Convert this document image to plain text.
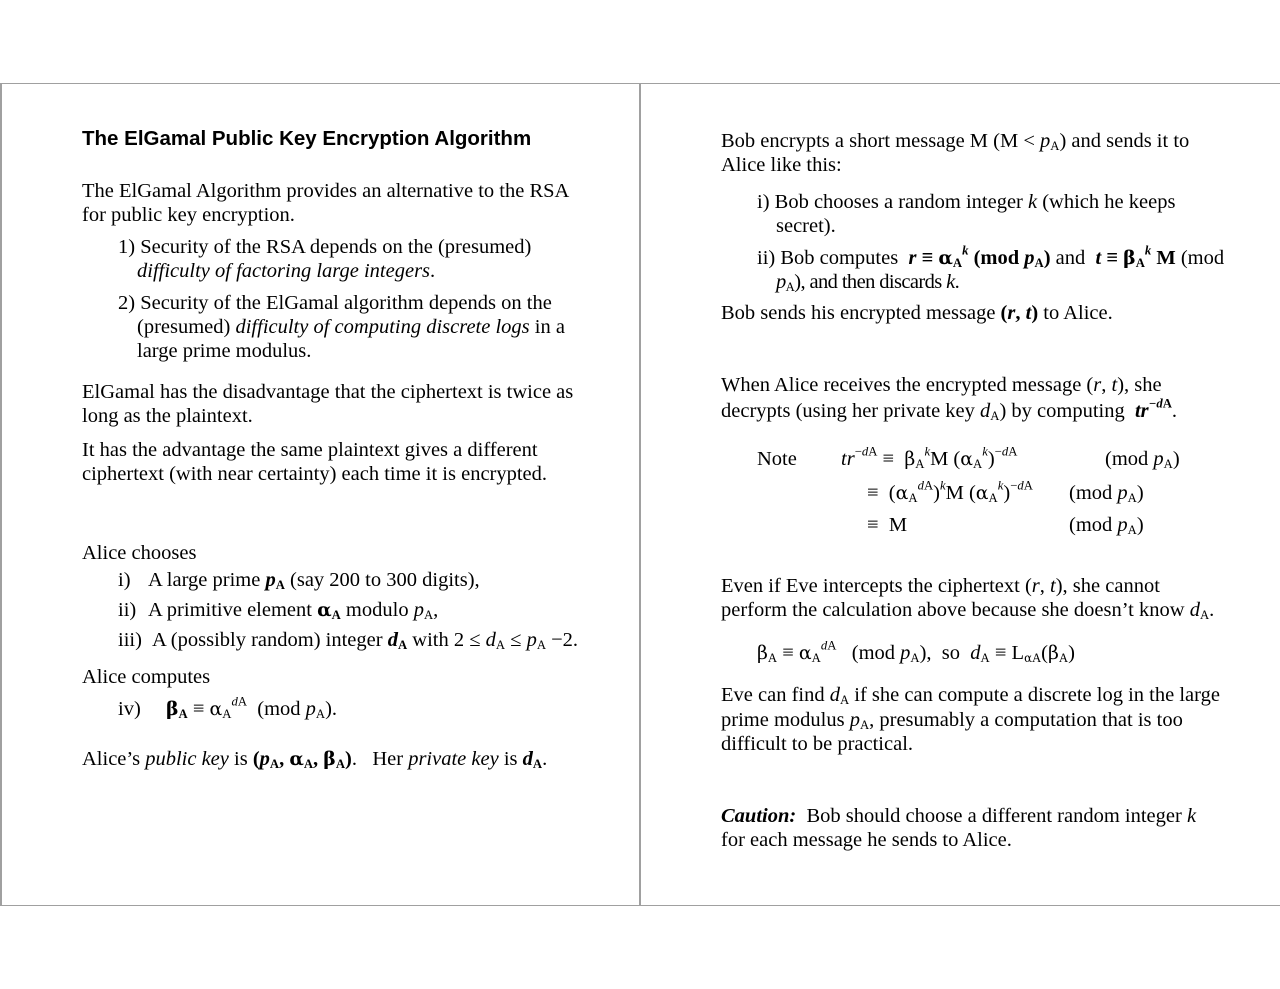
The ElGamal Public Key Encryption Algorithm
The ElGamal Algorithm provides an alternative to the RSA
for public key encryption.
1) Security of the RSA depends on the (presumed)
difficulty of factoring large integers.
2) Security of the ElGamal algorithm depends on the
(presumed) difficulty of computing discrete logs in a
large prime modulus.
ElGamal has the disadvantage that the ciphertext is twice as
long as the plaintext.
It has the advantage the same plaintext gives a different
ciphertext (with near certainty) each time it is encrypted.
Alice chooses
i) A large prime $p_A$ (say 200 to 300 digits),
ii) A primitive element $\alpha_A$ modulo $p_A$,
iii) A (possibly random) integer $d_A$ with $2 \le d_A \le p_A -2$.
Alice computes
iv) $\beta_A \equiv \alpha_A^{dA}$ (mod $p_A$).
Alice’s public key is ($p_A$, $\alpha_A$, $\beta_A$).   Her private key is $d_A$.
Bob encrypts a short message M $(M < p_A)$ and sends it to
Alice like this:
i) Bob chooses a random integer k (which he keeps
secret).
ii) Bob computes  $r \equiv \alpha_A^k$ (mod $p_A$) and  $t \equiv \beta_A^k$ M (mod
$p_A$), and then discards k.
Bob sends his encrypted message (r, t) to Alice.
When Alice receives the encrypted message (r, t), she
decrypts (using her private key $d_A$) by computing  $tr^{-dA}$.
Note $tr^{-dA} \equiv \beta_A^kM$ $(\alpha_A^k)^{-dA}$	(mod $p_A$)
≡  $(\alpha_A^{dA})^kM$ $(\alpha_A^k)^{-dA}$ (mod $p_A$)
≡  M	(mod $p_A$)
Even if Eve intercepts the ciphertext (r, t), she cannot
perform the calculation above because she doesn’t know $d_A$.
$\beta_A \equiv \alpha_A^{dA}$ (mod $p_A$),  so  $d_A \equiv L_{\alpha A}(\beta_A)$
Eve can find $d_A$ if she can compute a discrete log in the large
prime modulus $p_A$, presumably a computation that is too
difficult to be practical.
Caution:  Bob should choose a different random integer k
for each message he sends to Alice.
